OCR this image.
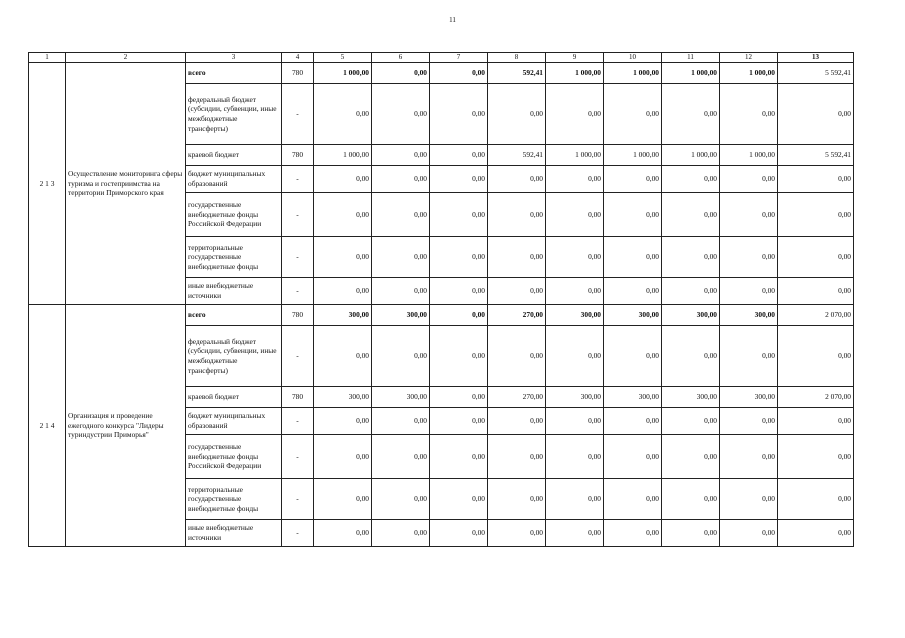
11
1	2	3	4	5	6	7	8	9	10	11	12	13
2 1 3	Осуществление мониторинга сферы туризма и гостеприимства на территории Приморского края	всего	780	1 000,00	0,00	0,00	592,41	1 000,00	1 000,00	1 000,00	1 000,00	5 592,41
		федеральный бюджет (субсидии, субвенции, иные межбюджетные трансферты)	-	0,00	0,00	0,00	0,00	0,00	0,00	0,00	0,00	0,00
		краевой бюджет	780	1 000,00	0,00	0,00	592,41	1 000,00	1 000,00	1 000,00	1 000,00	5 592,41
		бюджет муниципальных образований	-	0,00	0,00	0,00	0,00	0,00	0,00	0,00	0,00	0,00
		государственные внебюджетные фонды Российской Федерации	-	0,00	0,00	0,00	0,00	0,00	0,00	0,00	0,00	0,00
		территориальные государственные внебюджетные фонды	-	0,00	0,00	0,00	0,00	0,00	0,00	0,00	0,00	0,00
		иные внебюджетные источники	-	0,00	0,00	0,00	0,00	0,00	0,00	0,00	0,00	0,00
2 1 4	Организация и проведение ежегодного конкурса "Лидеры туриндустрии Приморья"	всего	780	300,00	300,00	0,00	270,00	300,00	300,00	300,00	300,00	2 070,00
		федеральный бюджет (субсидии, субвенции, иные межбюджетные трансферты)	-	0,00	0,00	0,00	0,00	0,00	0,00	0,00	0,00	0,00
		краевой бюджет	780	300,00	300,00	0,00	270,00	300,00	300,00	300,00	300,00	2 070,00
		бюджет муниципальных образований	-	0,00	0,00	0,00	0,00	0,00	0,00	0,00	0,00	0,00
		государственные внебюджетные фонды Российской Федерации	-	0,00	0,00	0,00	0,00	0,00	0,00	0,00	0,00	0,00
		территориальные государственные внебюджетные фонды	-	0,00	0,00	0,00	0,00	0,00	0,00	0,00	0,00	0,00
		иные внебюджетные источники	-	0,00	0,00	0,00	0,00	0,00	0,00	0,00	0,00	0,00
